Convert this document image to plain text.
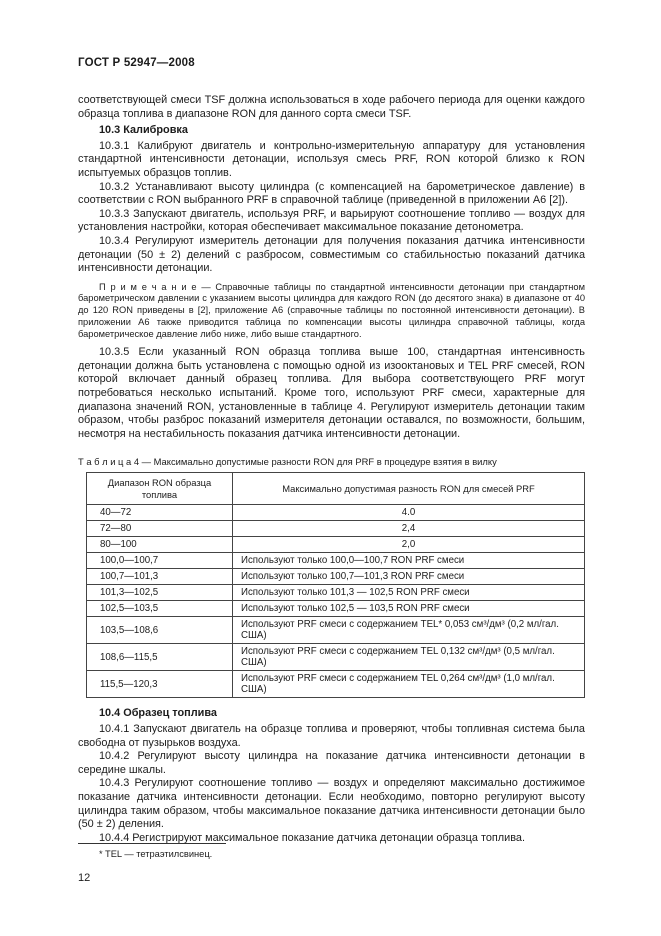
ГОСТ Р 52947—2008

соответствующей смеси TSF должна использоваться в ходе рабочего периода для оценки каждого образца топлива в диапазоне RON для данного сорта смеси TSF.

10.3 Калибровка

10.3.1 Калибруют двигатель и контрольно-измерительную аппаратуру для установления стандартной интенсивности детонации, используя смесь PRF, RON которой близко к RON испытуемых образцов топлив.

10.3.2 Устанавливают высоту цилиндра (с компенсацией на барометрическое давление) в соответствии с RON выбранного PRF в справочной таблице (приведенной в приложении А6 [2]).

10.3.3 Запускают двигатель, используя PRF, и варьируют соотношение топливо — воздух для установления настройки, которая обеспечивает максимальное показание детонометра.

10.3.4 Регулируют измеритель детонации для получения показания датчика интенсивности детонации (50 ± 2) делений с разбросом, совместимым со стабильностью показаний датчика интенсивности детонации.

П р и м е ч а н и е — Справочные таблицы по стандартной интенсивности детонации при стандартном барометрическом давлении с указанием высоты цилиндра для каждого RON (до десятого знака) в диапазоне от 40 до 120 RON приведены в [2], приложение А6 (справочные таблицы по постоянной интенсивности детонации). В приложении А6 также приводится таблица по компенсации высоты цилиндра справочной таблицы, когда барометрическое давление либо ниже, либо выше стандартного.

10.3.5 Если указанный RON образца топлива выше 100, стандартная интенсивность детонации должна быть установлена с помощью одной из изооктановых и TEL PRF смесей, RON которой включает данный образец топлива. Для выбора соответствующего PRF могут потребоваться несколько испытаний. Кроме того, используют PRF смеси, характерные для диапазона значений RON, установленные в таблице 4. Регулируют измеритель детонации таким образом, чтобы разброс показаний измерителя детонации оставался, по возможности, большим, несмотря на нестабильность показания датчика интенсивности детонации.

Т а б л и ц а 4 — Максимально допустимые разности RON для PRF в процедуре взятия в вилку

Диапазон RON образца топлива	Максимально допустимая разность RON для смесей PRF
40—72	4.0
72—80	2,4
80—100	2,0
100,0—100,7	Используют только 100,0—100,7 RON PRF смеси
100,7—101,3	Используют только 100,7—101,3 RON PRF смеси
101,3—102,5	Используют только 101,3 — 102,5 RON PRF смеси
102,5—103,5	Используют только 102,5 — 103,5 RON PRF смеси
103,5—108,6	Используют PRF смеси с содержанием TEL* 0,053 см³/дм³ (0,2 мл/гал. США)
108,6—115,5	Используют PRF смеси с содержанием TEL 0,132 см³/дм³ (0,5 мл/гал. США)
115,5—120,3	Используют PRF смеси с содержанием TEL 0,264 см³/дм³ (1,0 мл/гал. США)

10.4 Образец топлива

10.4.1 Запускают двигатель на образце топлива и проверяют, чтобы топливная система была свободна от пузырьков воздуха.

10.4.2 Регулируют высоту цилиндра на показание датчика интенсивности детонации в середине шкалы.

10.4.3 Регулируют соотношение топливо — воздух и определяют максимально достижимое показание датчика интенсивности детонации. Если необходимо, повторно регулируют высоту цилиндра таким образом, чтобы максимальное показание датчика интенсивности детонации было (50 ± 2) деления.

10.4.4 Регистрируют максимальное показание датчика детонации образца топлива.

* TEL — тетраэтилсвинец.
12
